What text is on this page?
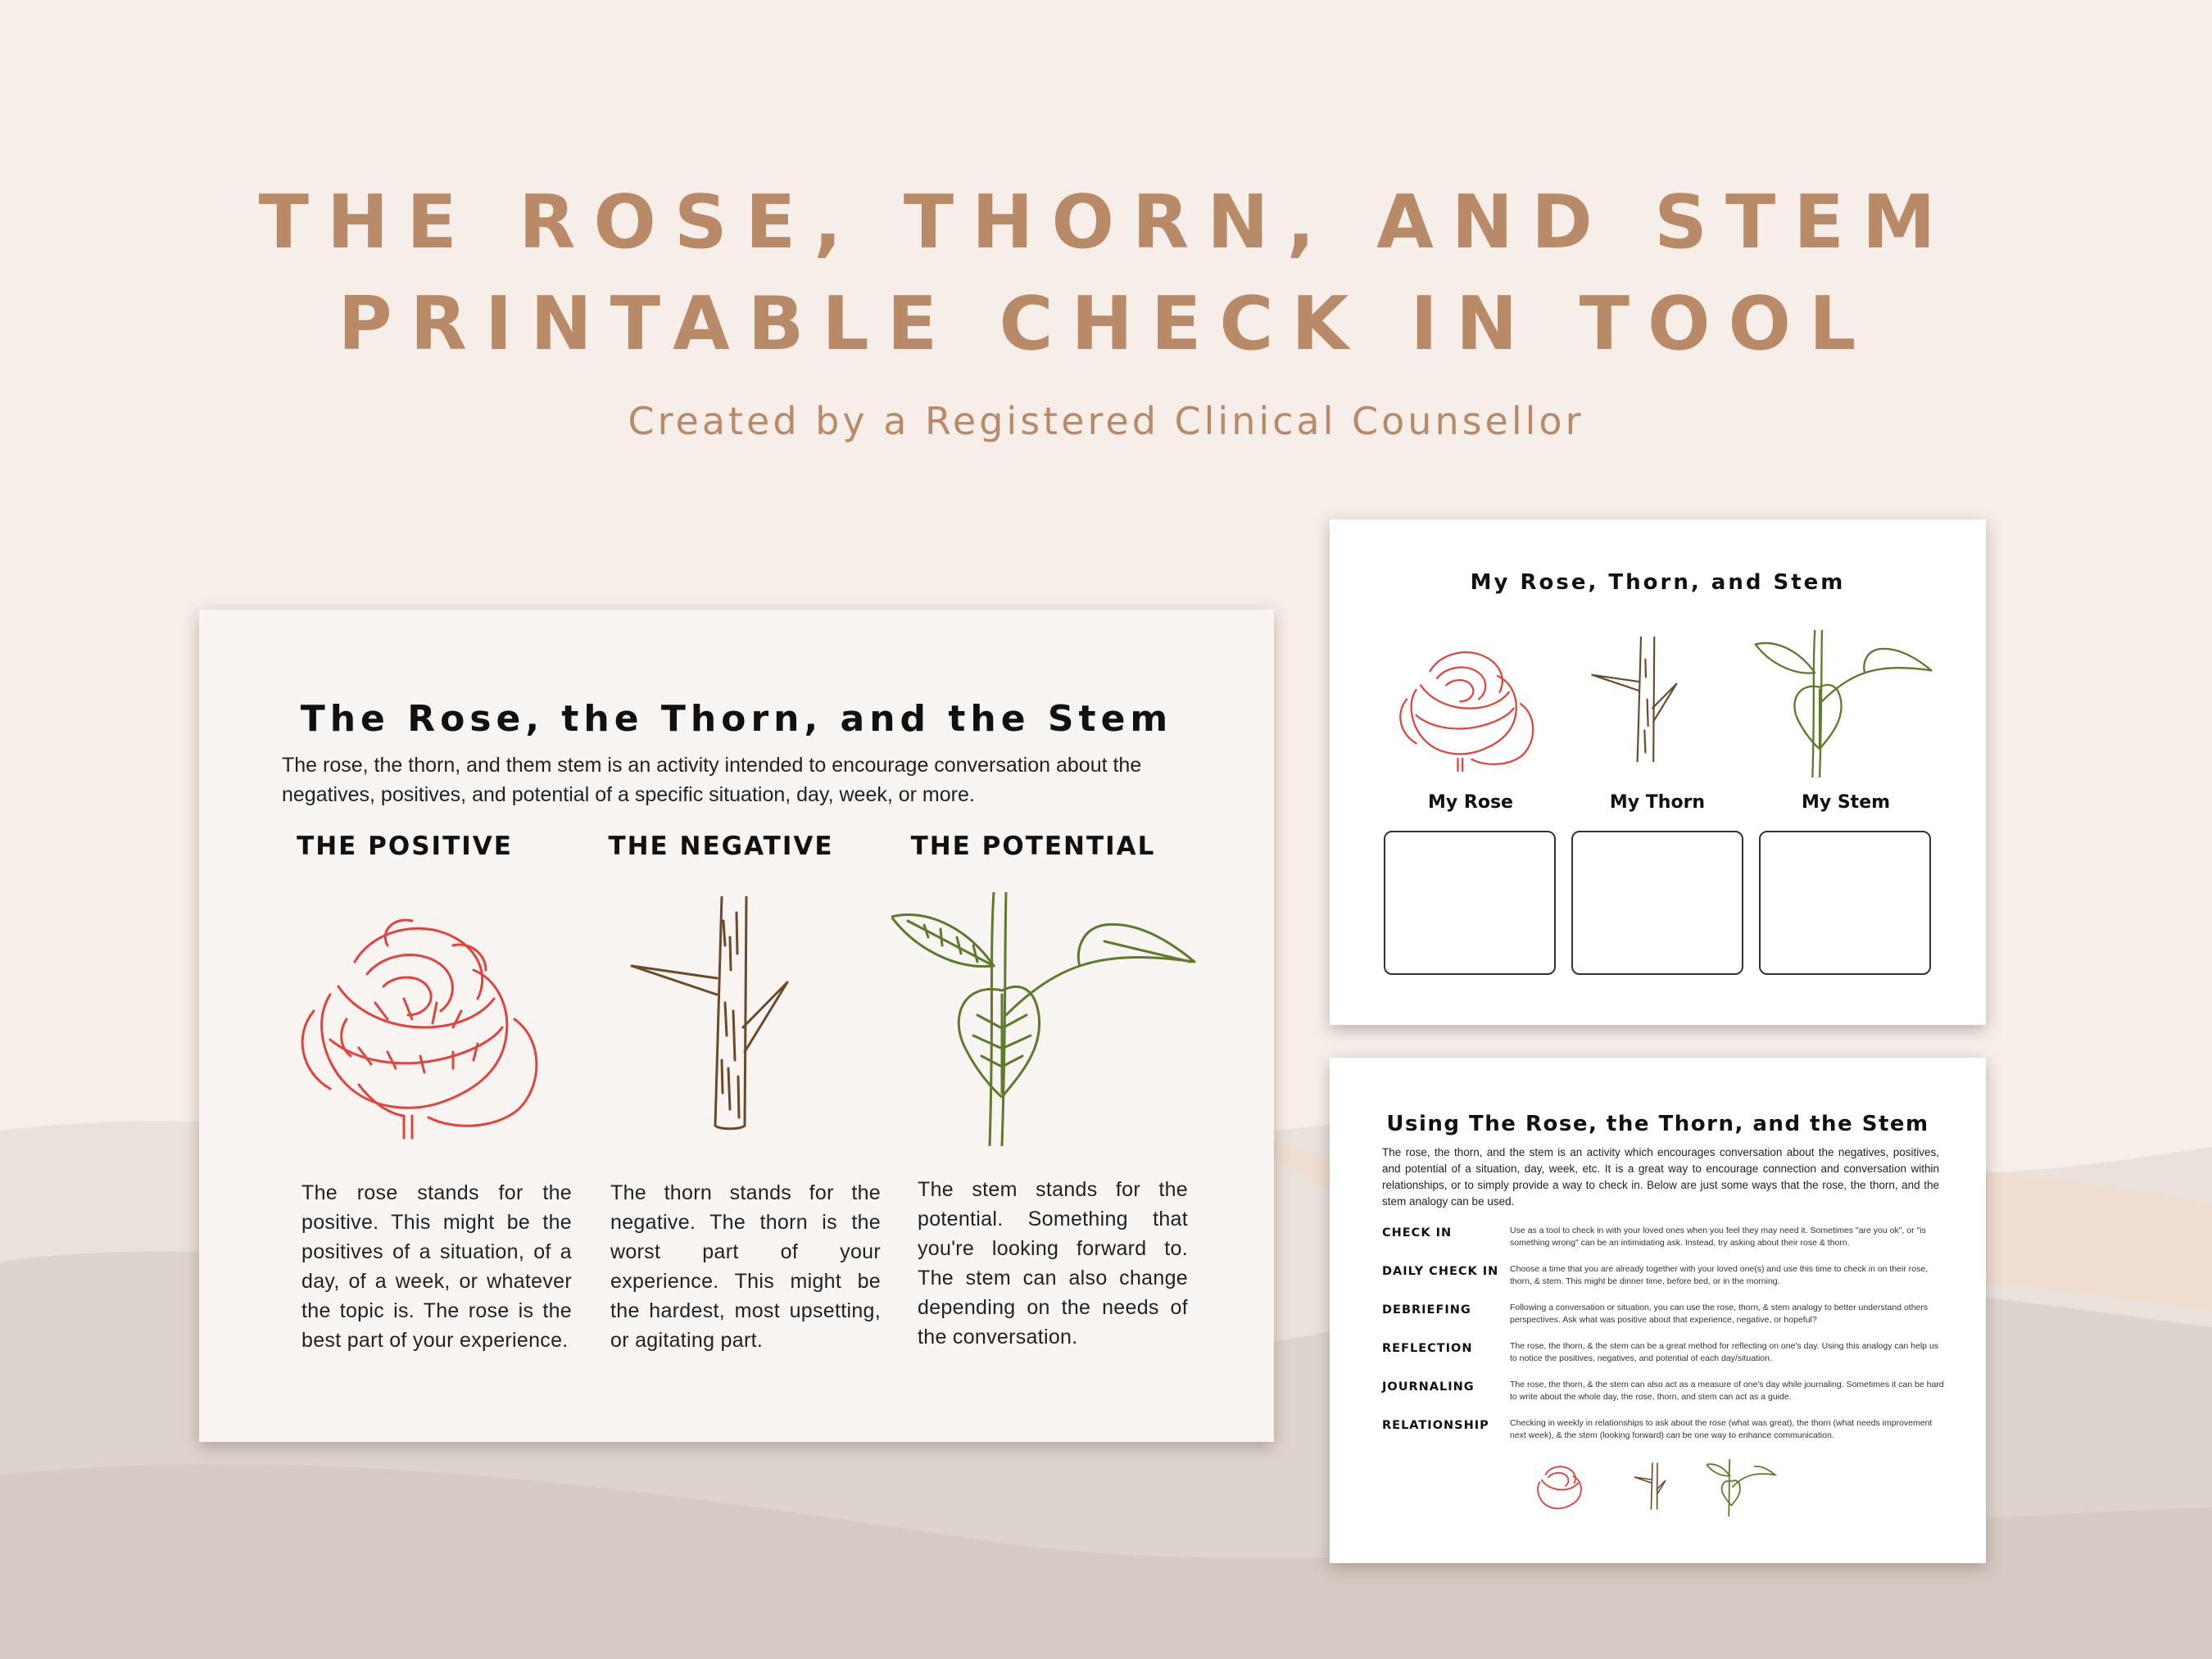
THE ROSE, THORN, AND STEM
PRINTABLE CHECK IN TOOL
Created by a Registered Clinical Counsellor
The Rose, the Thorn, and the Stem
The rose, the thorn, and them stem is an activity intended to encourage conversation about the negatives, positives, and potential of a specific situation, day, week, or more.
THE POSITIVE	THE NEGATIVE	THE POTENTIAL
The rose stands for the positive. This might be the positives of a situation, of a day, of a week, or whatever the topic is. The rose is the best part of your experience.
The thorn stands for the negative. The thorn is the worst part of your experience. This might be the hardest, most upsetting, or agitating part.
The stem stands for the potential. Something that you're looking forward to. The stem can also change depending on the needs of the conversation.
My Rose, Thorn, and Stem
My Rose	My Thorn	My Stem
Using The Rose, the Thorn, and the Stem
The rose, the thorn, and the stem is an activity which encourages conversation about the negatives, positives, and potential of a situation, day, week, etc. It is a great way to encourage connection and conversation within relationships, or to simply provide a way to check in. Below are just some ways that the rose, the thorn, and the stem analogy can be used.
CHECK IN	Use as a tool to check in with your loved ones when you feel they may need it. Sometimes "are you ok", or "is something wrong" can be an intimidating ask. Instead, try asking about their rose & thorn.
DAILY CHECK IN	Choose a time that you are already together with your loved one(s) and use this time to check in on their rose, thorn, & stem. This might be dinner time, before bed, or in the morning.
DEBRIEFING	Following a conversation or situation, you can use the rose, thorn, & stem analogy to better understand others perspectives. Ask what was positive about that experience, negative, or hopeful?
REFLECTION	The rose, the thorn, & the stem can be a great method for reflecting on one's day. Using this analogy can help us to notice the positives, negatives, and potential of each day/situation.
JOURNALING	The rose, the thorn, & the stem can also act as a measure of one's day while journaling. Sometimes it can be hard to write about the whole day, the rose, thorn, and stem can act as a guide.
RELATIONSHIP	Checking in weekly in relationships to ask about the rose (what was great), the thorn (what needs improvement next week), & the stem (looking forward) can be one way to enhance communication.
